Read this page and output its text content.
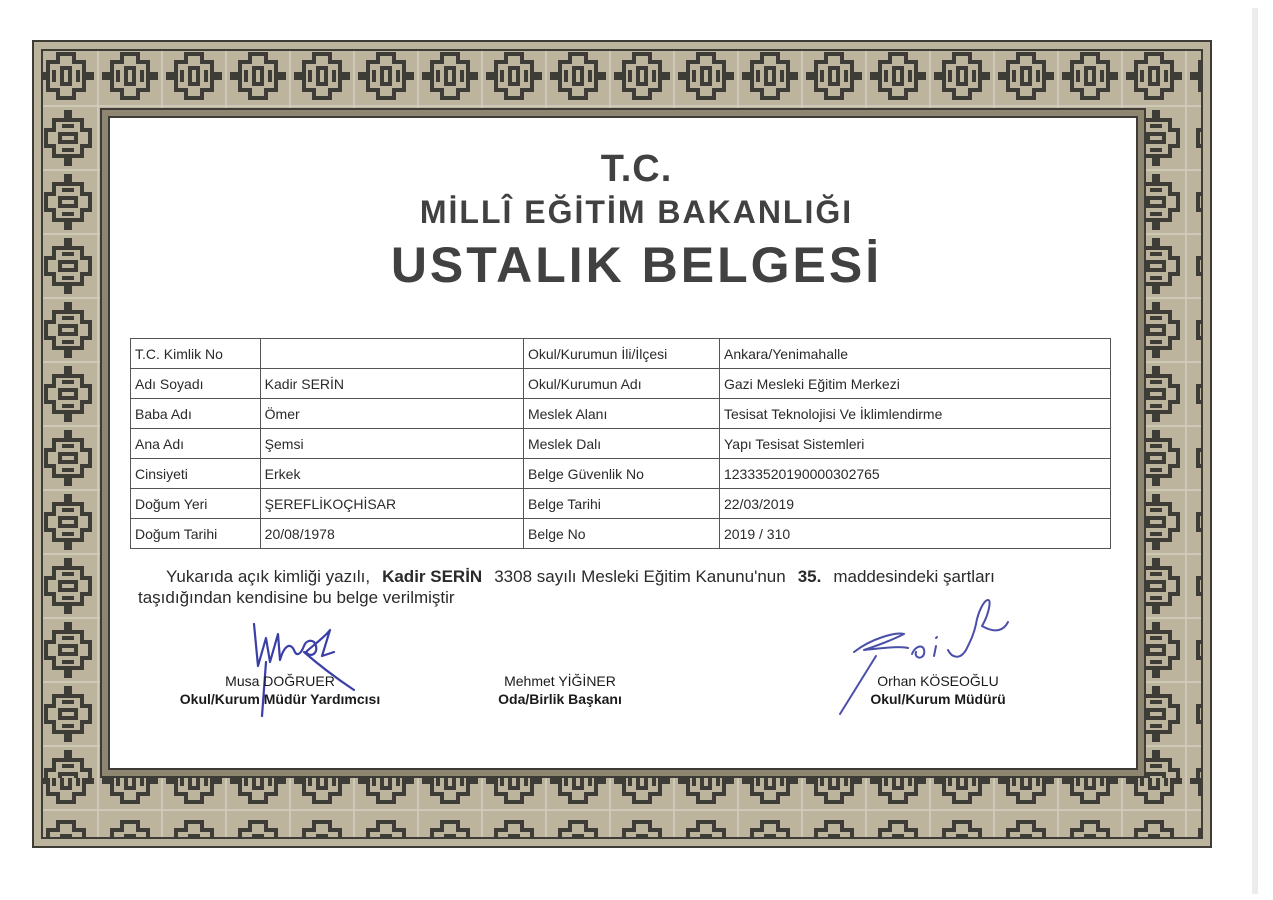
T.C.
MİLLÎ EĞİTİM BAKANLIĞI
USTALIK BELGESİ
T.C. Kimlik No		Okul/Kurumun İli/İlçesi	Ankara/Yenimahalle
Adı Soyadı	Kadir SERİN	Okul/Kurumun Adı	Gazi Mesleki Eğitim Merkezi
Baba Adı	Ömer	Meslek Alanı	Tesisat Teknolojisi Ve İklimlendirme
Ana Adı	Şemsi	Meslek Dalı	Yapı Tesisat Sistemleri
Cinsiyeti	Erkek	Belge Güvenlik No	12333520190000302765
Doğum Yeri	ŞEREFLİKOÇHİSAR	Belge Tarihi	22/03/2019
Doğum Tarihi	20/08/1978	Belge No	2019 / 310
Yukarıda açık kimliği yazılı, Kadir SERİN 3308 sayılı Mesleki Eğitim Kanunu'nun 35. maddesindeki şartları
taşıdığından kendisine bu belge verilmiştir
Musa DOĞRUER
Okul/Kurum Müdür Yardımcısı
Mehmet YİĞİNER
Oda/Birlik Başkanı
Orhan KÖSEOĞLU
Okul/Kurum Müdürü
